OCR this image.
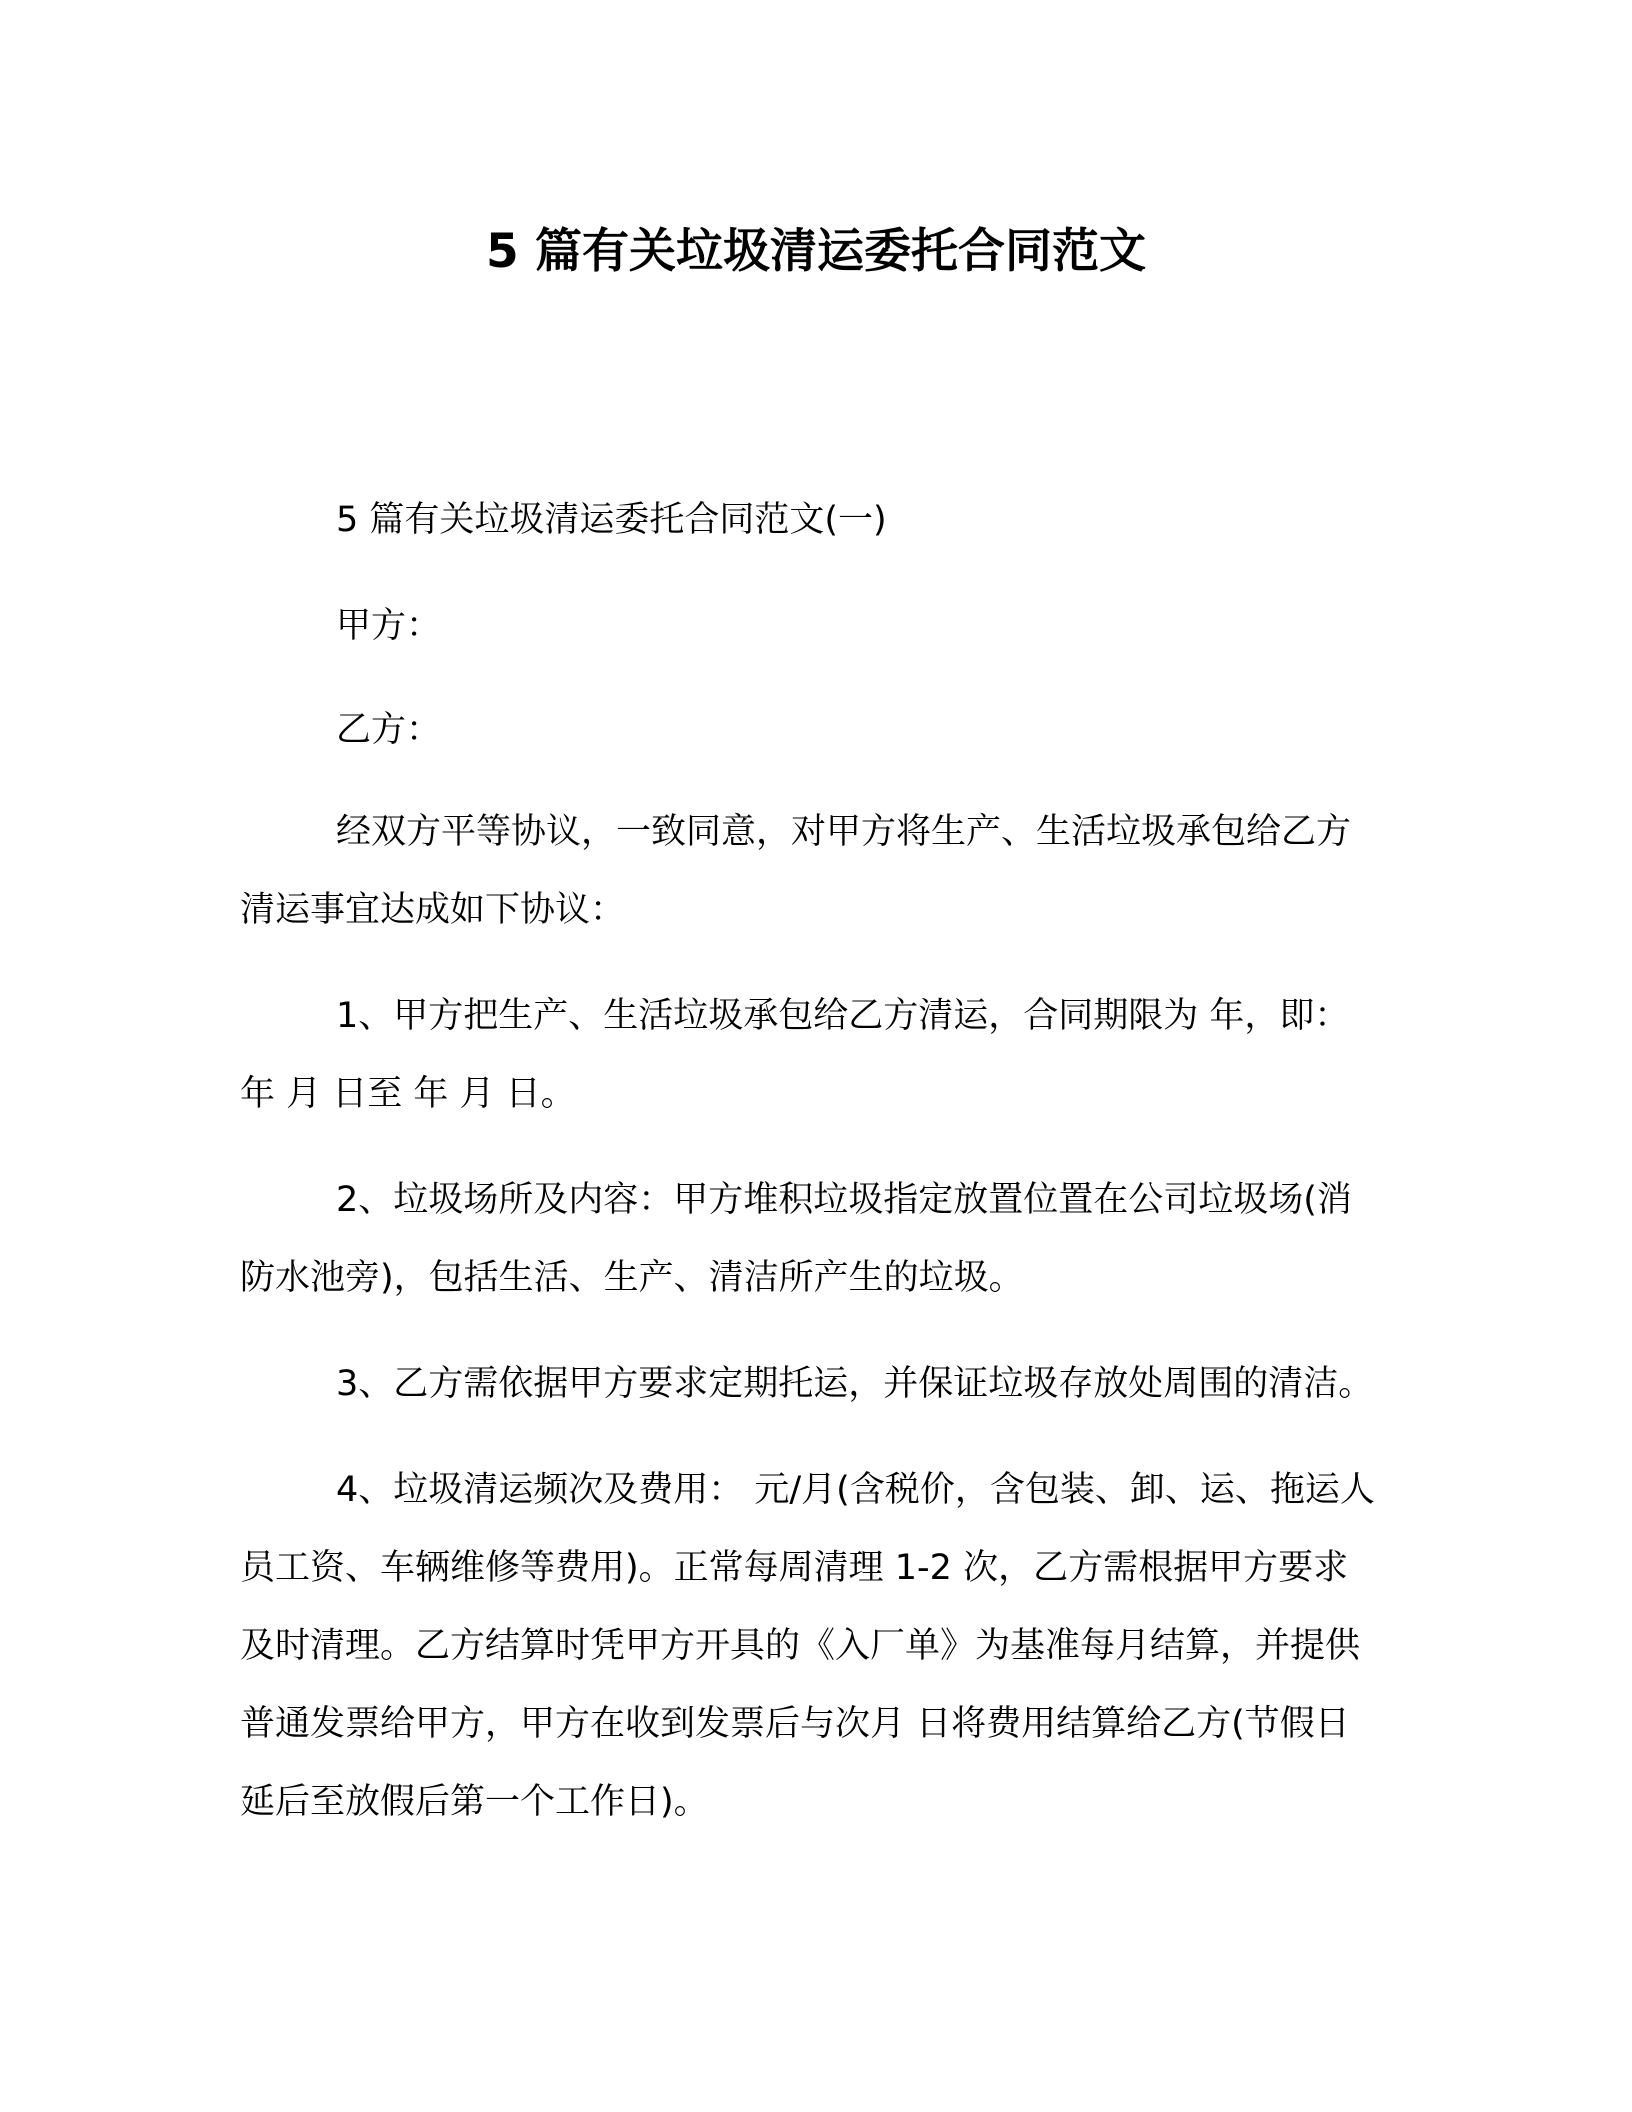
5 篇有关垃圾清运委托合同范文

5 篇有关垃圾清运委托合同范文(一)

甲方：

乙方：

经双方平等协议，一致同意，对甲方将生产、生活垃圾承包给乙方清运事宜达成如下协议：

1、甲方把生产、生活垃圾承包给乙方清运，合同期限为 年，即： 年 月 日至 年 月 日。

2、垃圾场所及内容：甲方堆积垃圾指定放置位置在公司垃圾场(消防水池旁)，包括生活、生产、清洁所产生的垃圾。

3、乙方需依据甲方要求定期托运，并保证垃圾存放处周围的清洁。

4、垃圾清运频次及费用： 元/月(含税价，含包装、卸、运、拖运人员工资、车辆维修等费用)。正常每周清理 1-2 次，乙方需根据甲方要求及时清理。乙方结算时凭甲方开具的《入厂单》为基准每月结算，并提供普通发票给甲方，甲方在收到发票后与次月 日将费用结算给乙方(节假日延后至放假后第一个工作日)。
